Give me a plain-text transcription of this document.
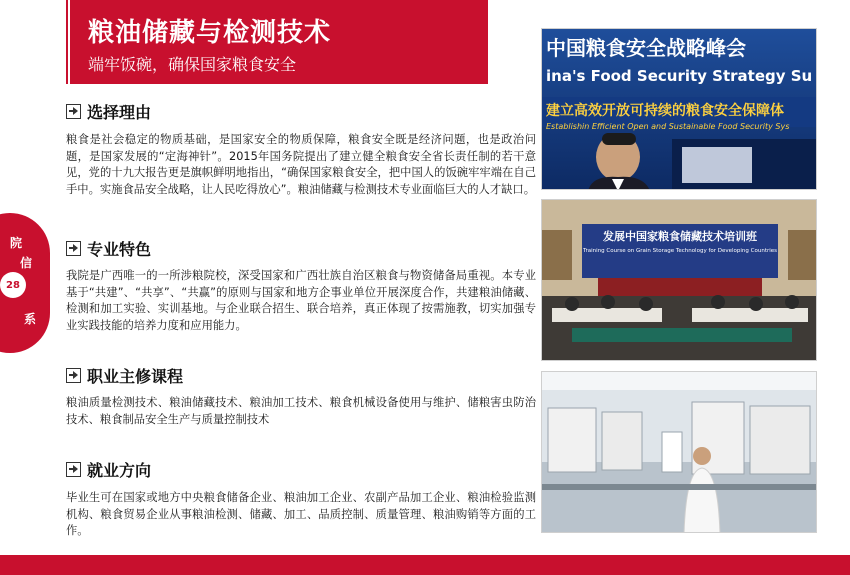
粮油储藏与检测技术
端牢饭碗，确保国家粮食安全
院
信
系
28
选择理由
粮食是社会稳定的物质基础，是国家安全的物质保障，粮食安全既是经济问题，也是政治问题，是国家发展的“定海神针”。2015年国务院提出了建立健全粮食安全省长责任制的若干意见，党的十九大报告更是旗帜鲜明地指出，“确保国家粮食安全，把中国人的饭碗牢牢端在自己手中。实施食品安全战略，让人民吃得放心”。粮油储藏与检测技术专业面临巨大的人才缺口。
专业特色
我院是广西唯一的一所涉粮院校，深受国家和广西壮族自治区粮食与物资储备局重视。本专业基于“共建”、“共享”、“共赢”的原则与国家和地方企事业单位开展深度合作，共建粮油储藏、检测和加工实验、实训基地。与企业联合招生、联合培养，真正体现了按需施教，切实加强专业实践技能的培养力度和应用能力。
职业主修课程
粮油质量检测技术、粮油储藏技术、粮油加工技术、粮食机械设备使用与维护、储粮害虫防治技术、粮食制品安全生产与质量控制技术
就业方向
毕业生可在国家或地方中央粮食储备企业、粮油加工企业、农副产品加工企业、粮油检验监测机构、粮食贸易企业从事粮油检测、储藏、加工、品质控制、质量管理、粮油购销等方面的工作。
中国粮食安全战略峰会
ina's Food Security Strategy Su
建立高效开放可持续的粮食安全保障体
Establishin Efficient Open and Sustainable Food Security Sys
发展中国家粮食储藏技术培训班
Training Course on Grain Storage Technology for Developing Countries
